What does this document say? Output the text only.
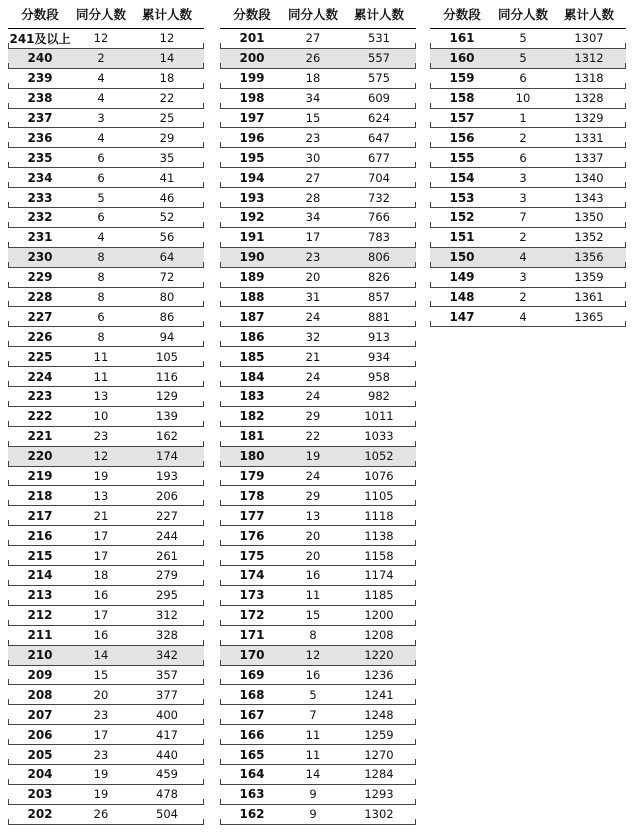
分数段	同分人数	累计人数
241及以上	12	12
240	2	14
239	4	18
238	4	22
237	3	25
236	4	29
235	6	35
234	6	41
233	5	46
232	6	52
231	4	56
230	8	64
229	8	72
228	8	80
227	6	86
226	8	94
225	11	105
224	11	116
223	13	129
222	10	139
221	23	162
220	12	174
219	19	193
218	13	206
217	21	227
216	17	244
215	17	261
214	18	279
213	16	295
212	17	312
211	16	328
210	14	342
209	15	357
208	20	377
207	23	400
206	17	417
205	23	440
204	19	459
203	19	478
202	26	504
分数段	同分人数	累计人数
201	27	531
200	26	557
199	18	575
198	34	609
197	15	624
196	23	647
195	30	677
194	27	704
193	28	732
192	34	766
191	17	783
190	23	806
189	20	826
188	31	857
187	24	881
186	32	913
185	21	934
184	24	958
183	24	982
182	29	1011
181	22	1033
180	19	1052
179	24	1076
178	29	1105
177	13	1118
176	20	1138
175	20	1158
174	16	1174
173	11	1185
172	15	1200
171	8	1208
170	12	1220
169	16	1236
168	5	1241
167	7	1248
166	11	1259
165	11	1270
164	14	1284
163	9	1293
162	9	1302
分数段	同分人数	累计人数
161	5	1307
160	5	1312
159	6	1318
158	10	1328
157	1	1329
156	2	1331
155	6	1337
154	3	1340
153	3	1343
152	7	1350
151	2	1352
150	4	1356
149	3	1359
148	2	1361
147	4	1365
